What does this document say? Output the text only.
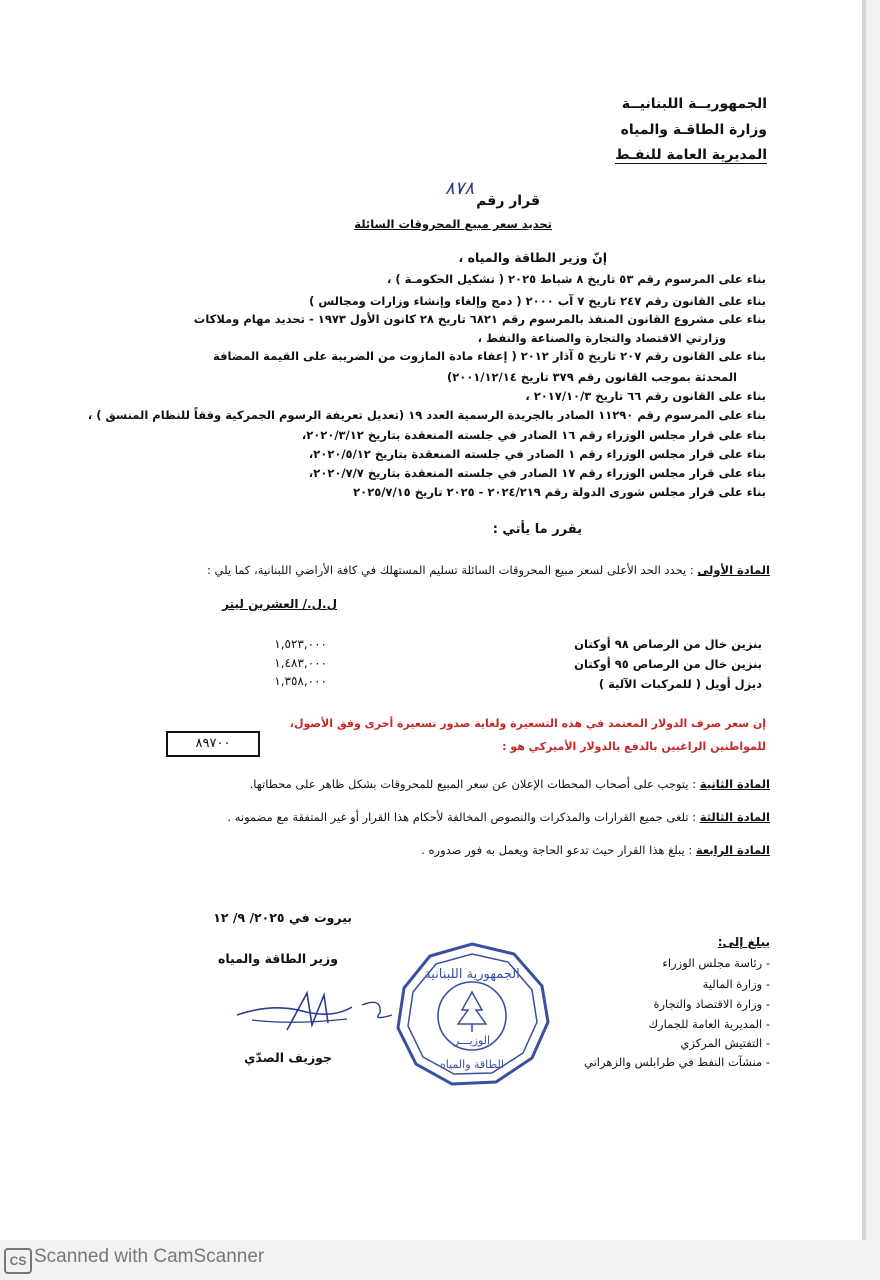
الجمهوريــة اللبنانيــة
وزارة الطاقـة والمياه
المديرية العامة للنفـط
قرار رقم
٨٧٨
تحديد سعر مبيع المحروقات السائلة
إنّ وزير الطاقة والمياه ،
بناء على المرسوم رقم ٥٣ تاريخ ٨ شباط ٢٠٢٥ ( تشكيل الحكومـة ) ،
بناء على القانون رقم ٢٤٧ تاريخ ٧ آب ٢٠٠٠ ( دمج وإلغاء وإنشاء وزارات ومجالس )
بناء على مشروع القانون المنفذ بالمرسوم رقم ٦٨٢١ تاريخ ٢٨ كانون الأول ١٩٧٣ - تحديد مهام وملاكات
وزارتي الاقتصاد والتجارة والصناعة والنفط ،
بناء على القانون رقم ٢٠٧ تاريخ ٥ آذار ٢٠١٢ ( إعفاء مادة المازوت من الضريبة على القيمة المضافة
المحدثة بموجب القانون رقم ٣٧٩ تاريخ ٢٠٠١/١٢/١٤)
بناء على القانون رقم ٦٦ تاريخ ٢٠١٧/١٠/٣ ،
بناء على المرسوم رقم ١١٢٩٠ الصادر بالجريدة الرسمية العدد ١٩ (تعديل تعريفة الرسوم الجمركية وفقاً للنظام المنسق ) ،
بناء على قرار مجلس الوزراء رقم ١٦ الصادر في جلسته المنعقدة بتاريخ ٢٠٢٠/٣/١٢،
بناء على قرار مجلس الوزراء رقم ١ الصادر في جلسته المنعقدة بتاريخ ٢٠٢٠/٥/١٢،
بناء على قرار مجلس الوزراء رقم ١٧ الصادر في جلسته المنعقدة بتاريخ ٢٠٢٠/٧/٧،
بناء على قرار مجلس شورى الدولة رقم ٢٠٢٤/٢١٩ - ٢٠٢٥ تاريخ ٢٠٢٥/٧/١٥
يقرر ما يأتي :
المادة الأولى : يحدد الحد الأعلى لسعر مبيع المحروقات السائلة تسليم المستهلك في كافة الأراضي اللبنانية، كما يلي :
ل.ل./ العشرين ليتر
بنزين خال من الرصاص ٩٨ أوكتان
١,٥٢٣,٠٠٠
بنزين خال من الرصاص ٩٥ أوكتان
١,٤٨٣,٠٠٠
ديزل أويل ( للمركبات الآلية )
١,٣٥٨,٠٠٠
إن سعر صرف الدولار المعتمد في هذه التسعيرة ولغاية صدور تسعيرة أخرى وفق الأصول،
للمواطنين الراغبين بالدفع بالدولار الأميركي هو :
٨٩٧٠٠
المادة الثانية : يتوجب على أصحاب المحطات الإعلان عن سعر المبيع للمحروقات بشكل ظاهر على محطاتها.
المادة الثالثة : تلغى جميع القرارات والمذكرات والنصوص المخالفة لأحكام هذا القرار أو غير المتفقة مع مضمونه .
المادة الرابعة : يبلغ هذا القرار حيث تدعو الحاجة ويعمل به فور صدوره .
بيروت في ٢٠٢٥/ ٩/ ١٢
وزير الطاقة والمياه
جوزيف الصدّي
الجمهورية اللبنانية
الوزيـــر
الطاقة والمياه
يبلغ إلى:
- رئاسة مجلس الوزراء
- وزارة المالية
- وزارة الاقتصاد والتجارة
- المديرية العامة للجمارك
- التفتيش المركزي
- منشآت النفط في طرابلس والزهراني
CS Scanned with CamScanner
